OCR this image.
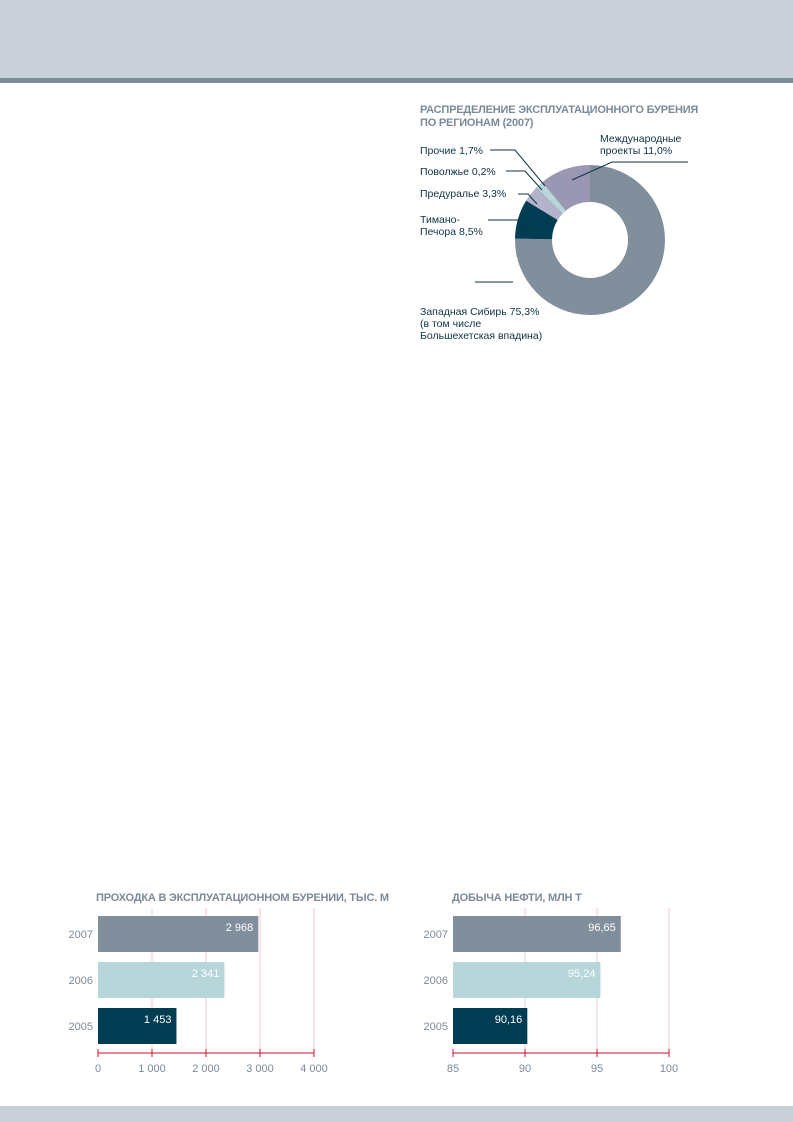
РАСПРЕДЕЛЕНИЕ ЭКСПЛУАТАЦИОННОГО БУРЕНИЯ
ПО РЕГИОНАМ (2007)
Западная Сибирь 75,3%
(в том числе
Большехетская впадина)
Тимано-
Печора 8,5%
Предуралье 3,3%
Поволжье 0,2%
Прочие 1,7%
Международные
проекты 11,0%
ПРОХОДКА В ЭКСПЛУАТАЦИОННОМ БУРЕНИИ, ТЫС. М
2007
2 968
2006
2 341
2005
1 453
0	1 000 2 000 3 000 4 000
ДОБЫЧА НЕФТИ, МЛН Т
2007
96,65
2006
95,24
2005
90,16
85	90	95	100
